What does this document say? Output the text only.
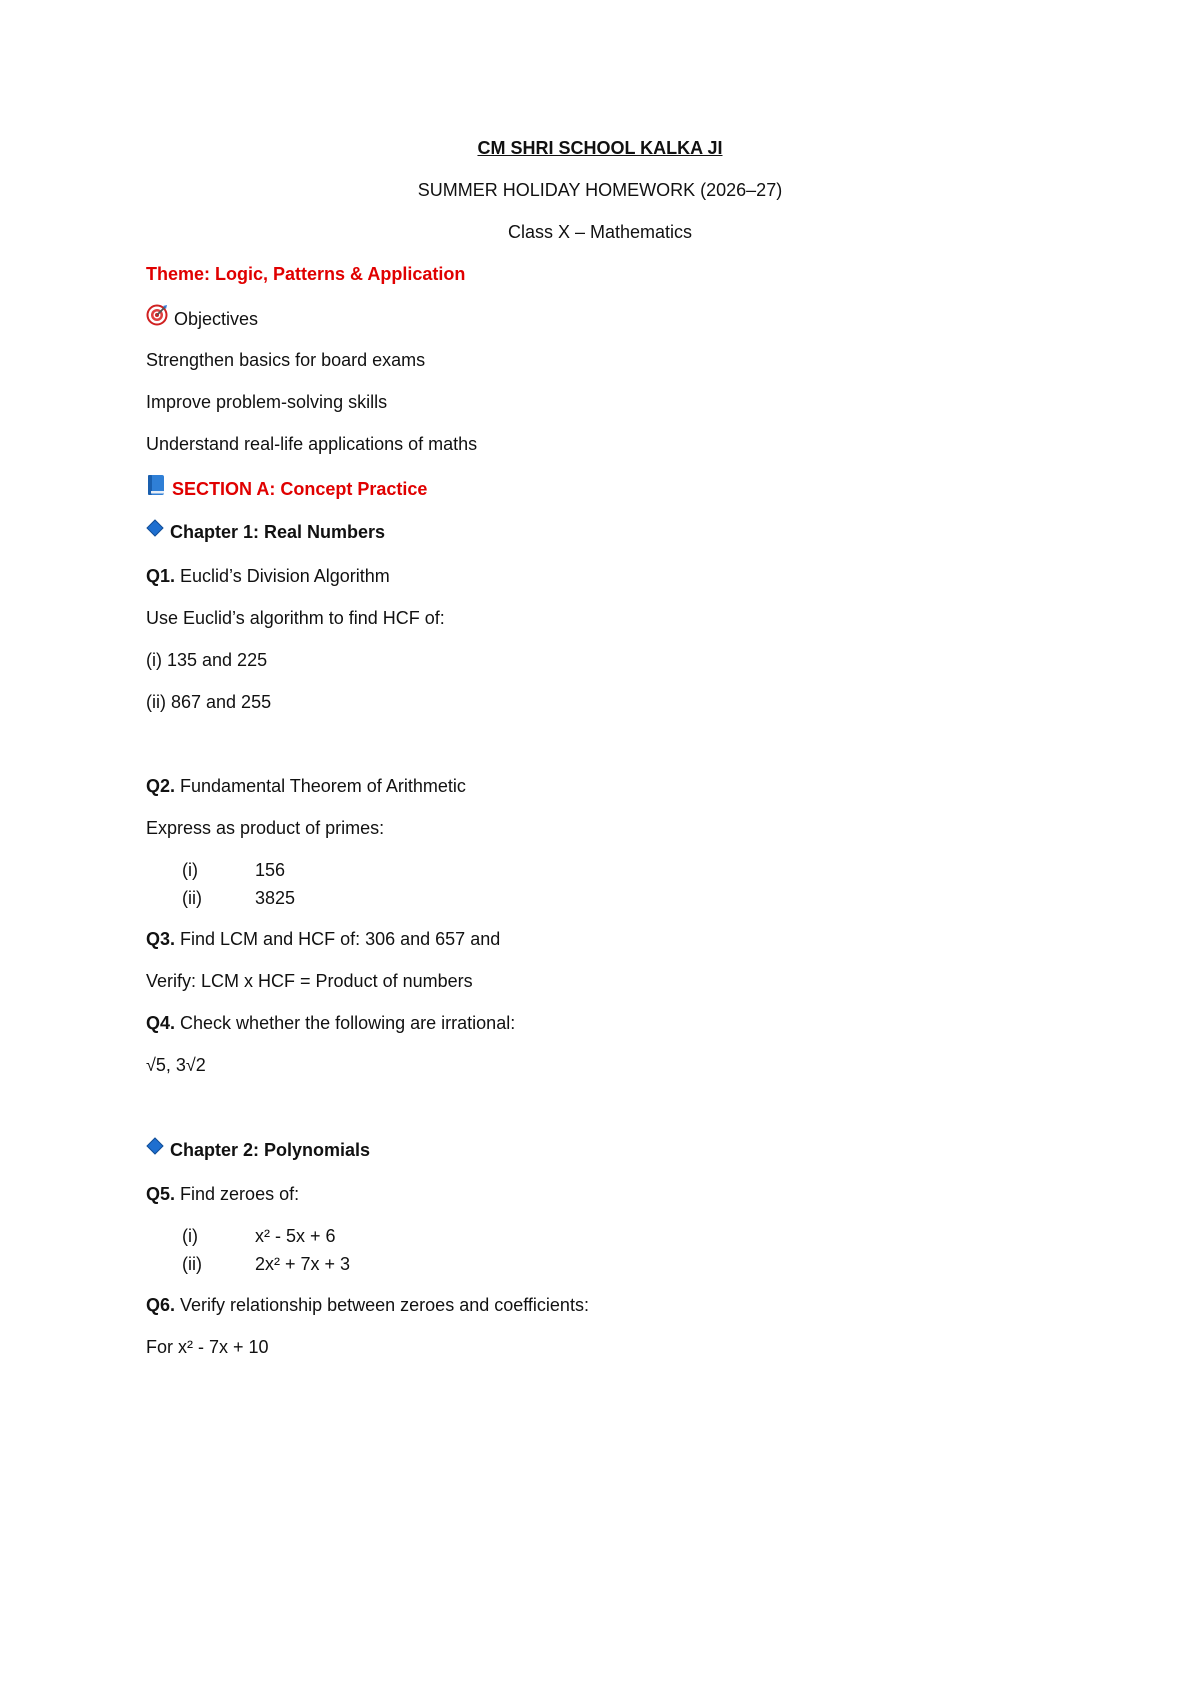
CM SHRI SCHOOL KALKA JI
SUMMER HOLIDAY HOMEWORK (2026–27)
Class X – Mathematics
Theme: Logic, Patterns & Application
Objectives
Strengthen basics for board exams
Improve problem-solving skills
Understand real-life applications of maths
SECTION A: Concept Practice
Chapter 1: Real Numbers
Q1. Euclid’s Division Algorithm
Use Euclid’s algorithm to find HCF of:
(i) 135 and 225
(ii) 867 and 255
Q2. Fundamental Theorem of Arithmetic
Express as product of primes:
(i)	156
(ii)	3825
Q3. Find LCM and HCF of: 306 and 657 and
Verify: LCM x HCF = Product of numbers
Q4. Check whether the following are irrational:
√5, 3√2
Chapter 2: Polynomials
Q5. Find zeroes of:
(i)	x² - 5x + 6
(ii)	2x² + 7x + 3
Q6. Verify relationship between zeroes and coefficients:
For x² - 7x + 10
